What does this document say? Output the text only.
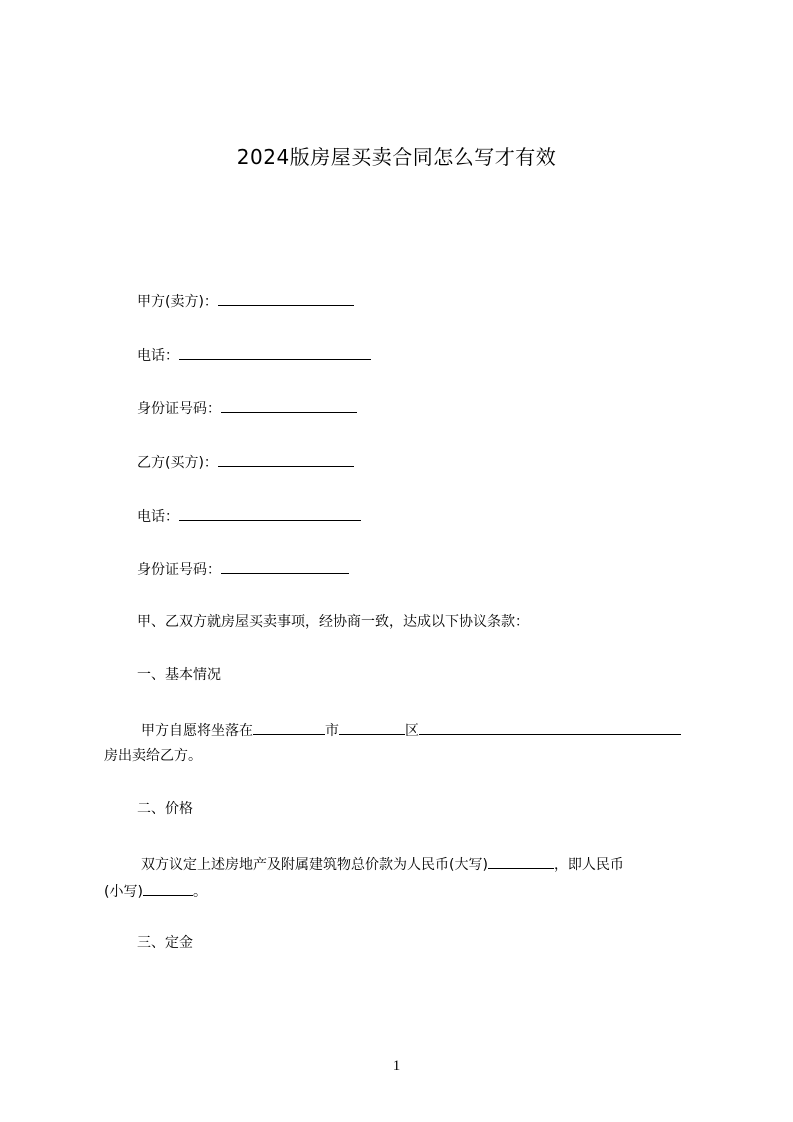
2024版房屋买卖合同怎么写才有效
甲方(卖方)：
电话：
身份证号码：
乙方(买方)：
电话：
身份证号码：
甲、乙双方就房屋买卖事项，经协商一致，达成以下协议条款：
一、基本情况
甲方自愿将坐落在	市	区
房出卖给乙方。
二、价格
双方议定上述房地产及附属建筑物总价款为人民币(大写)	，即人民币
(小写)	。
三、定金
1
